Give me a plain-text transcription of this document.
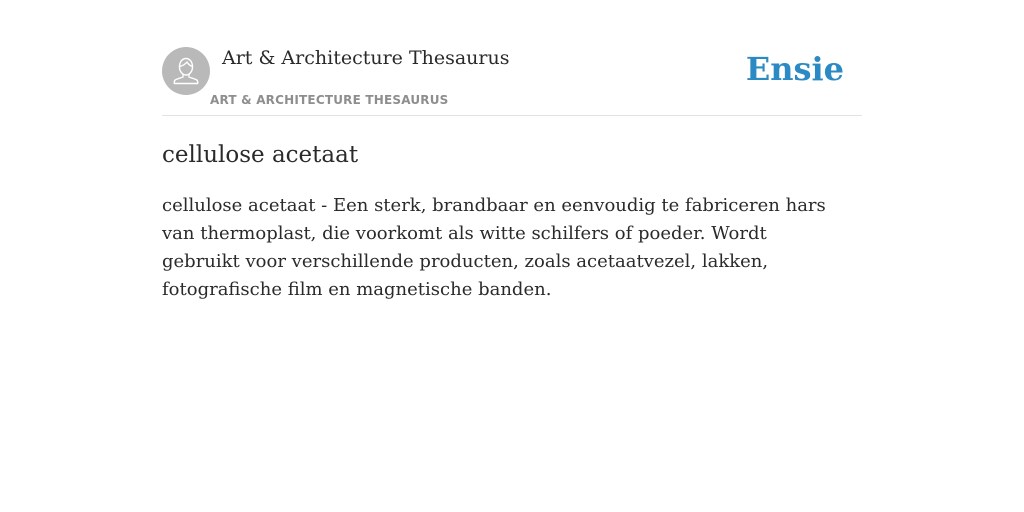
Art & Architecture Thesaurus
ART & ARCHITECTURE THESAURUS
Ensie
cellulose acetaat

cellulose acetaat - Een sterk, brandbaar en eenvoudig te fabriceren hars van thermoplast, die voorkomt als witte schilfers of poeder. Wordt gebruikt voor verschillende producten, zoals acetaatvezel, lakken, fotografische film en magnetische banden.
